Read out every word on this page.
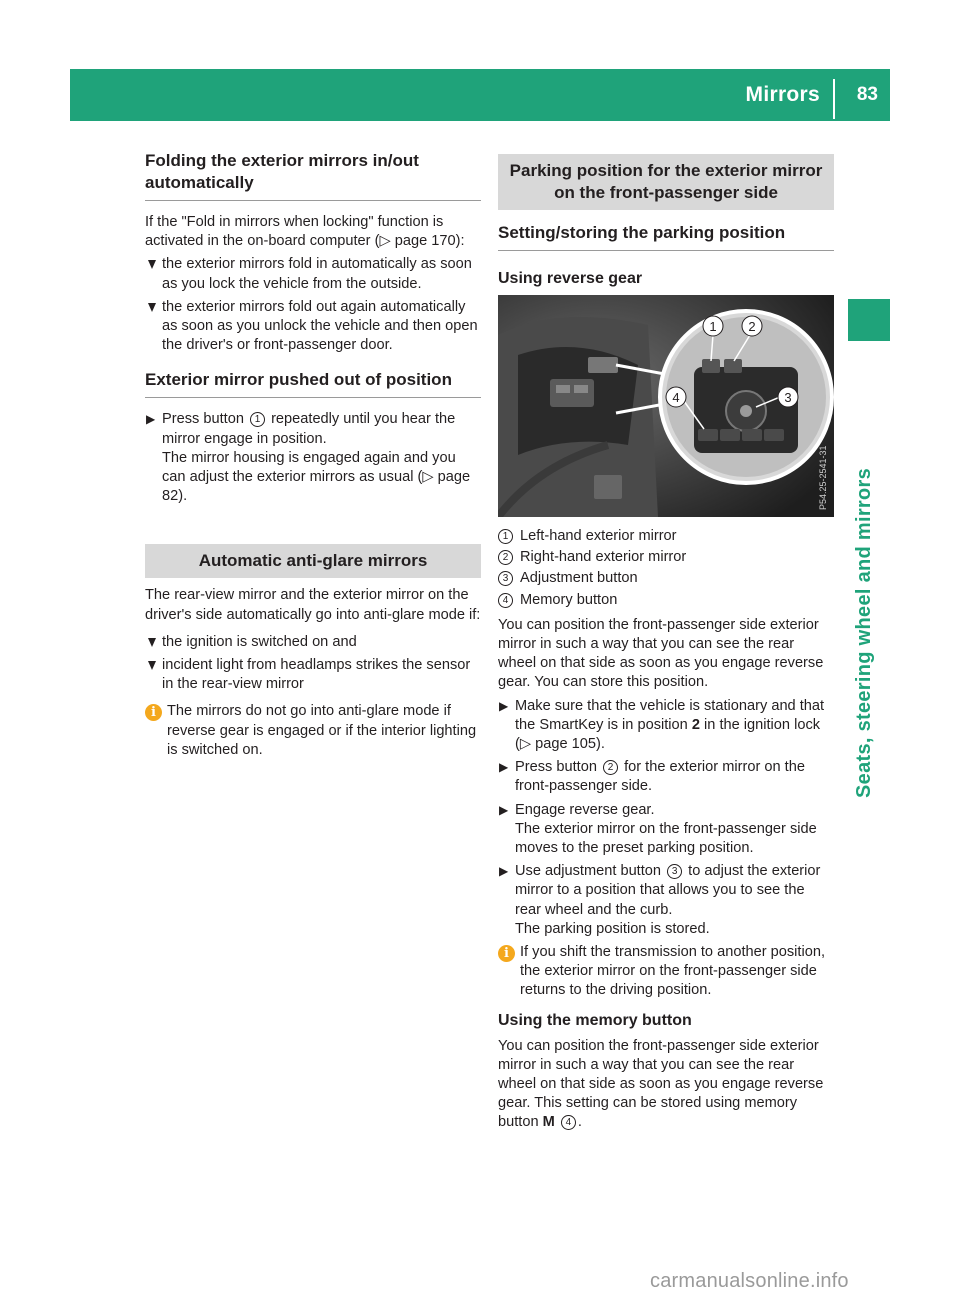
Mirrors 83
Seats, steering wheel and mirrors
Folding the exterior mirrors in/out automatically

If the "Fold in mirrors when locking" function is activated in the on-board computer (▷ page 170):

the exterior mirrors fold in automatically as soon as you lock the vehicle from the outside.
the exterior mirrors fold out again automatically as soon as you unlock the vehicle and then open the driver's or front-passenger door.
Exterior mirror pushed out of position
▶ Press button 1 repeatedly until you hear the mirror engage in position.
The mirror housing is engaged again and you can adjust the exterior mirrors as usual (▷ page 82).
Automatic anti-glare mirrors

The rear-view mirror and the exterior mirror on the driver's side automatically go into anti-glare mode if:

the ignition is switched on and
incident light from headlamps strikes the sensor in the rear-view mirror
i The mirrors do not go into anti-glare mode if reverse gear is engaged or if the interior lighting is switched on.
Parking position for the exterior mirror on the front-passenger side
Setting/storing the parking position
Using reverse gear
1 2
3
4
P54.25-2541-31
1 Left-hand exterior mirror
2 Right-hand exterior mirror
3 Adjustment button
4 Memory button

You can position the front-passenger side exterior mirror in such a way that you can see the rear wheel on that side as soon as you engage reverse gear. You can store this position.

▶ Make sure that the vehicle is stationary and that the SmartKey is in position 2 in the ignition lock (▷ page 105).
▶ Press button 2 for the exterior mirror on the front-passenger side.
▶ Engage reverse gear.
The exterior mirror on the front-passenger side moves to the preset parking position.
▶ Use adjustment button 3 to adjust the exterior mirror to a position that allows you to see the rear wheel and the curb.
The parking position is stored.
i If you shift the transmission to another position, the exterior mirror on the front-passenger side returns to the driving position.
Using the memory button

You can position the front-passenger side exterior mirror in such a way that you can see the rear wheel on that side as soon as you engage reverse gear. This setting can be stored using memory button M 4 .

carmanualsonline.info
